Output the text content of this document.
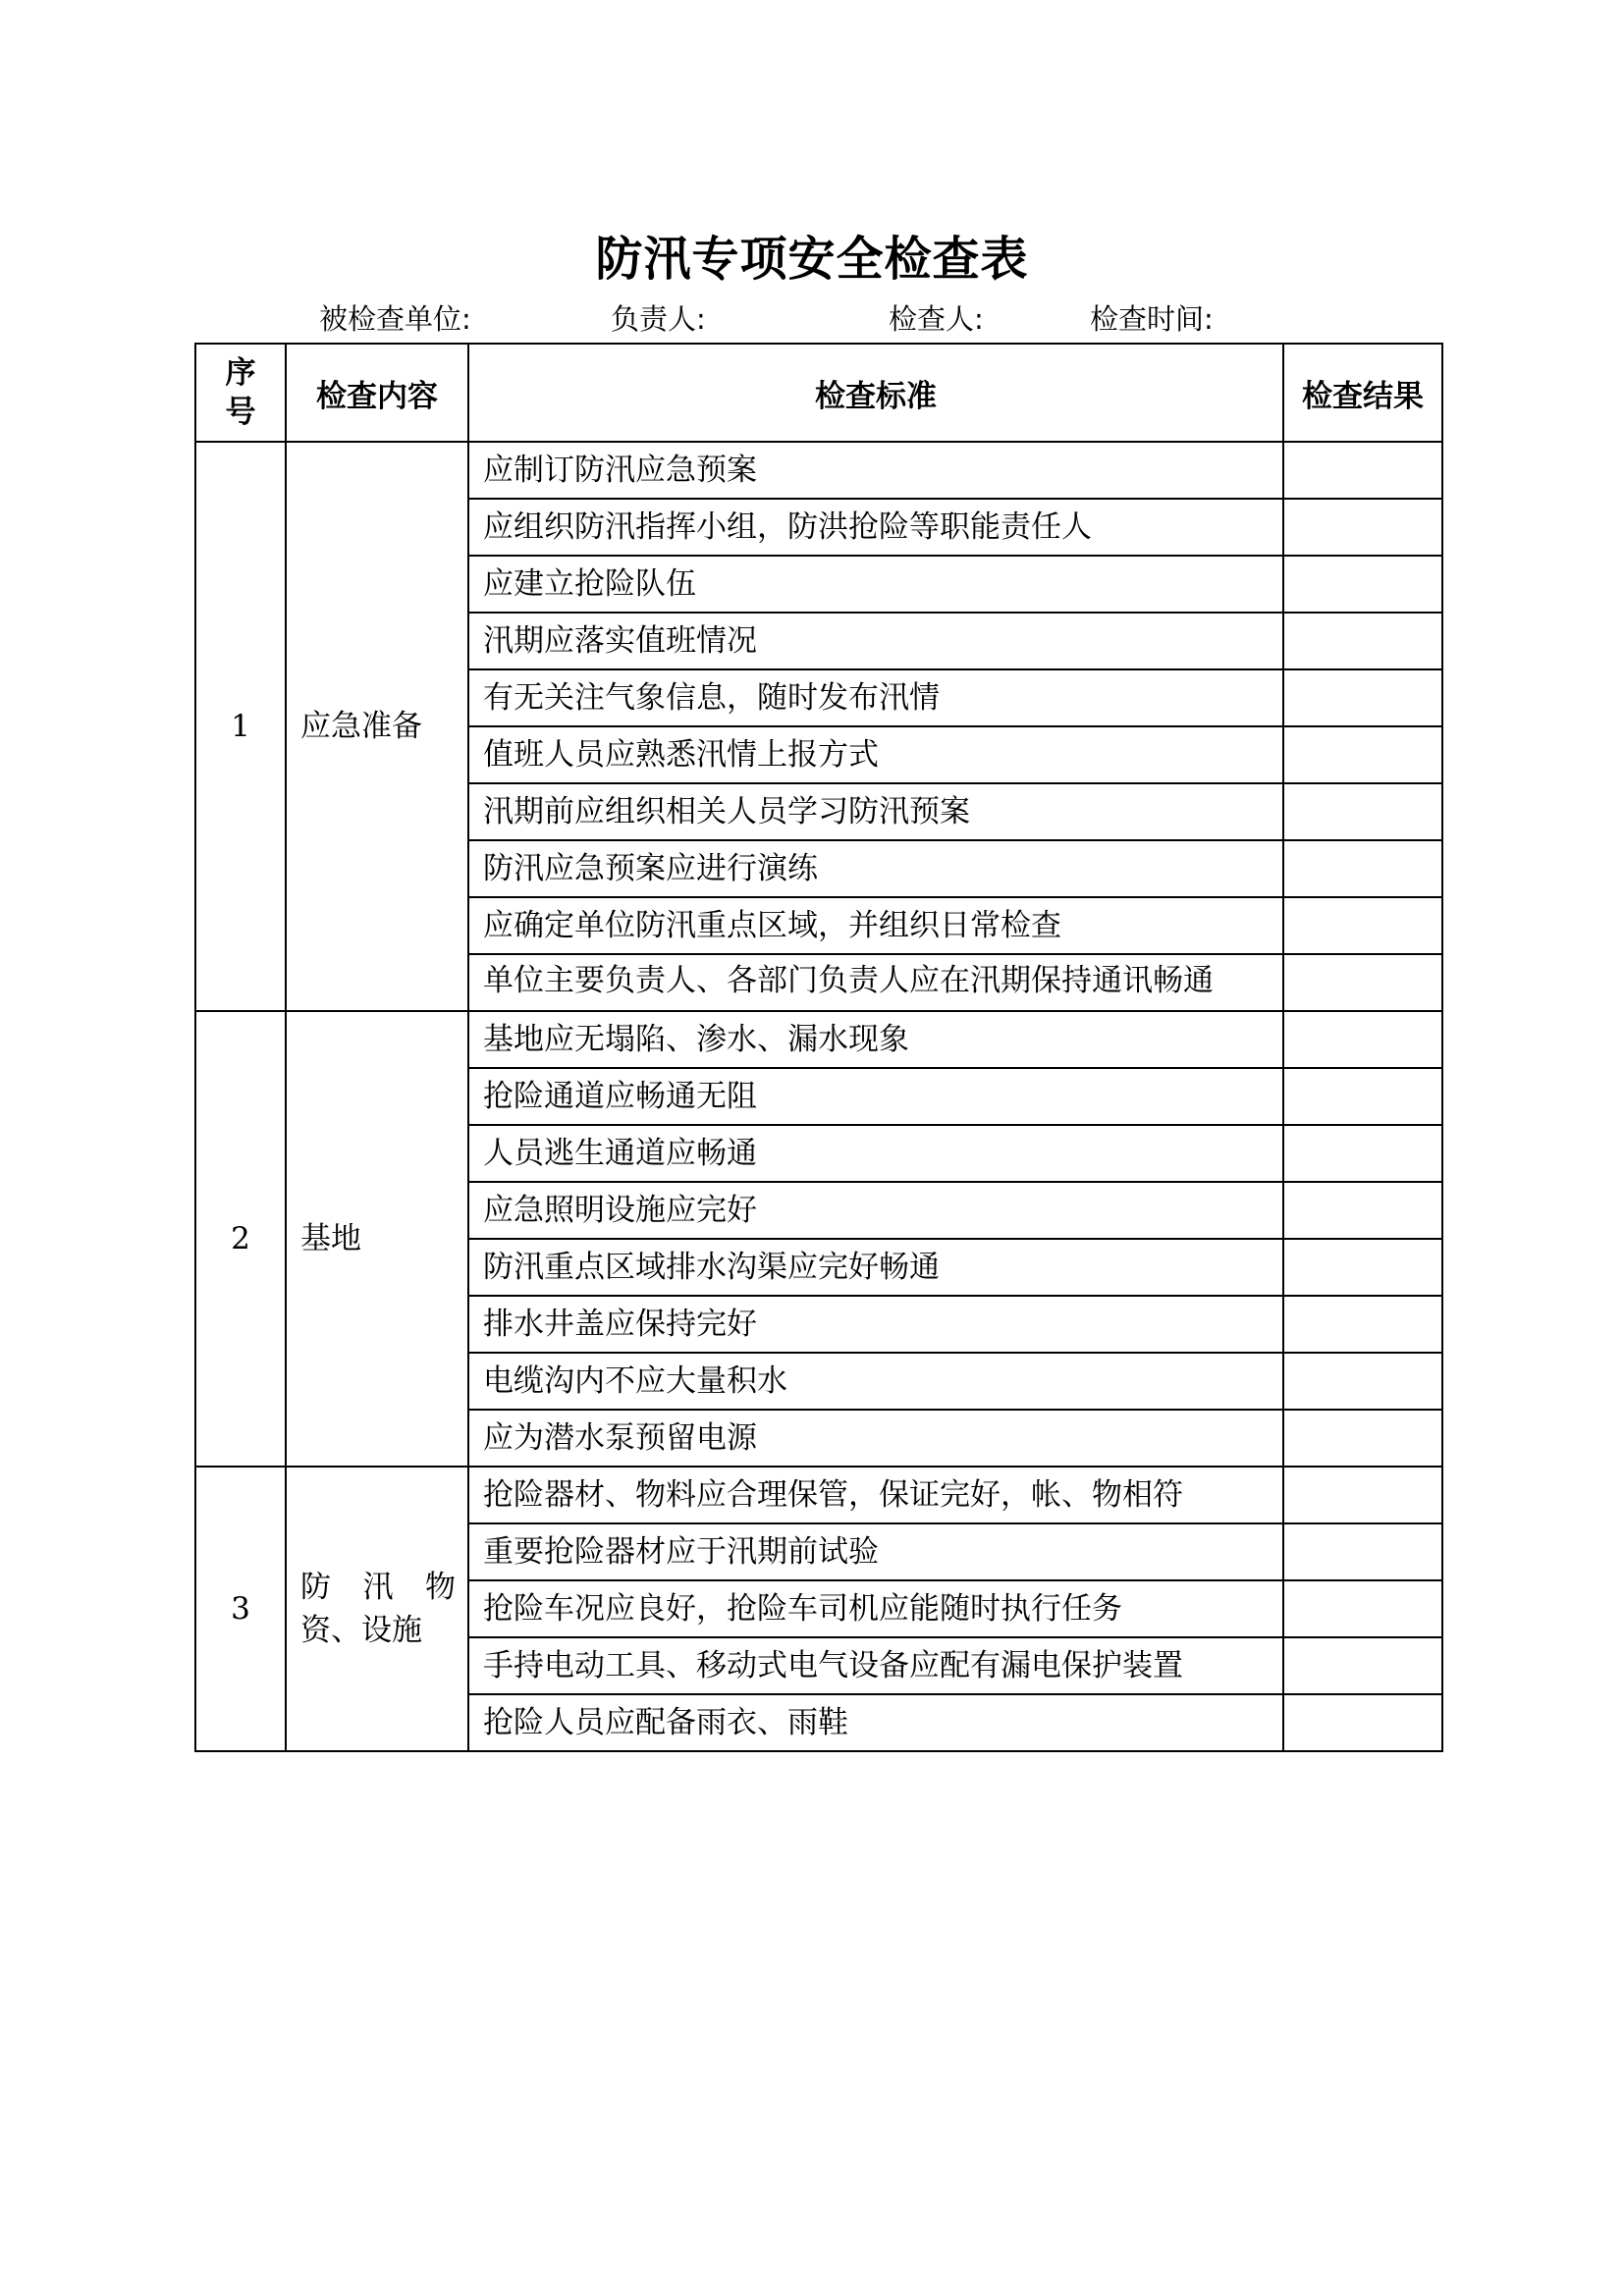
防汛专项安全检查表
被检查单位:	负责人:	检查人:	检查时间:
序
号	检查内容	检查标准	检查结果
1	应急准备	应制订防汛应急预案	
		应组织防汛指挥小组，防洪抢险等职能责任人	
		应建立抢险队伍	
		汛期应落实值班情况	
		有无关注气象信息，随时发布汛情	
		值班人员应熟悉汛情上报方式	
		汛期前应组织相关人员学习防汛预案	
		防汛应急预案应进行演练	
		应确定单位防汛重点区域，并组织日常检查	

		单位主要负责人、各部门负责人应在汛期保持通讯畅通	

2	基地	基地应无塌陷、渗水、漏水现象	
		抢险通道应畅通无阻	
		人员逃生通道应畅通	
		应急照明设施应完好	
		防汛重点区域排水沟渠应完好畅通	
		排水井盖应保持完好	
		电缆沟内不应大量积水	
		应为潜水泵预留电源	
3	防 汛 物 资、设施	抢险器材、物料应合理保管，保证完好，帐、物相符	
		重要抢险器材应于汛期前试验	
		抢险车况应良好，抢险车司机应能随时执行任务	
		手持电动工具、移动式电气设备应配有漏电保护装置	
		抢险人员应配备雨衣、雨鞋	
